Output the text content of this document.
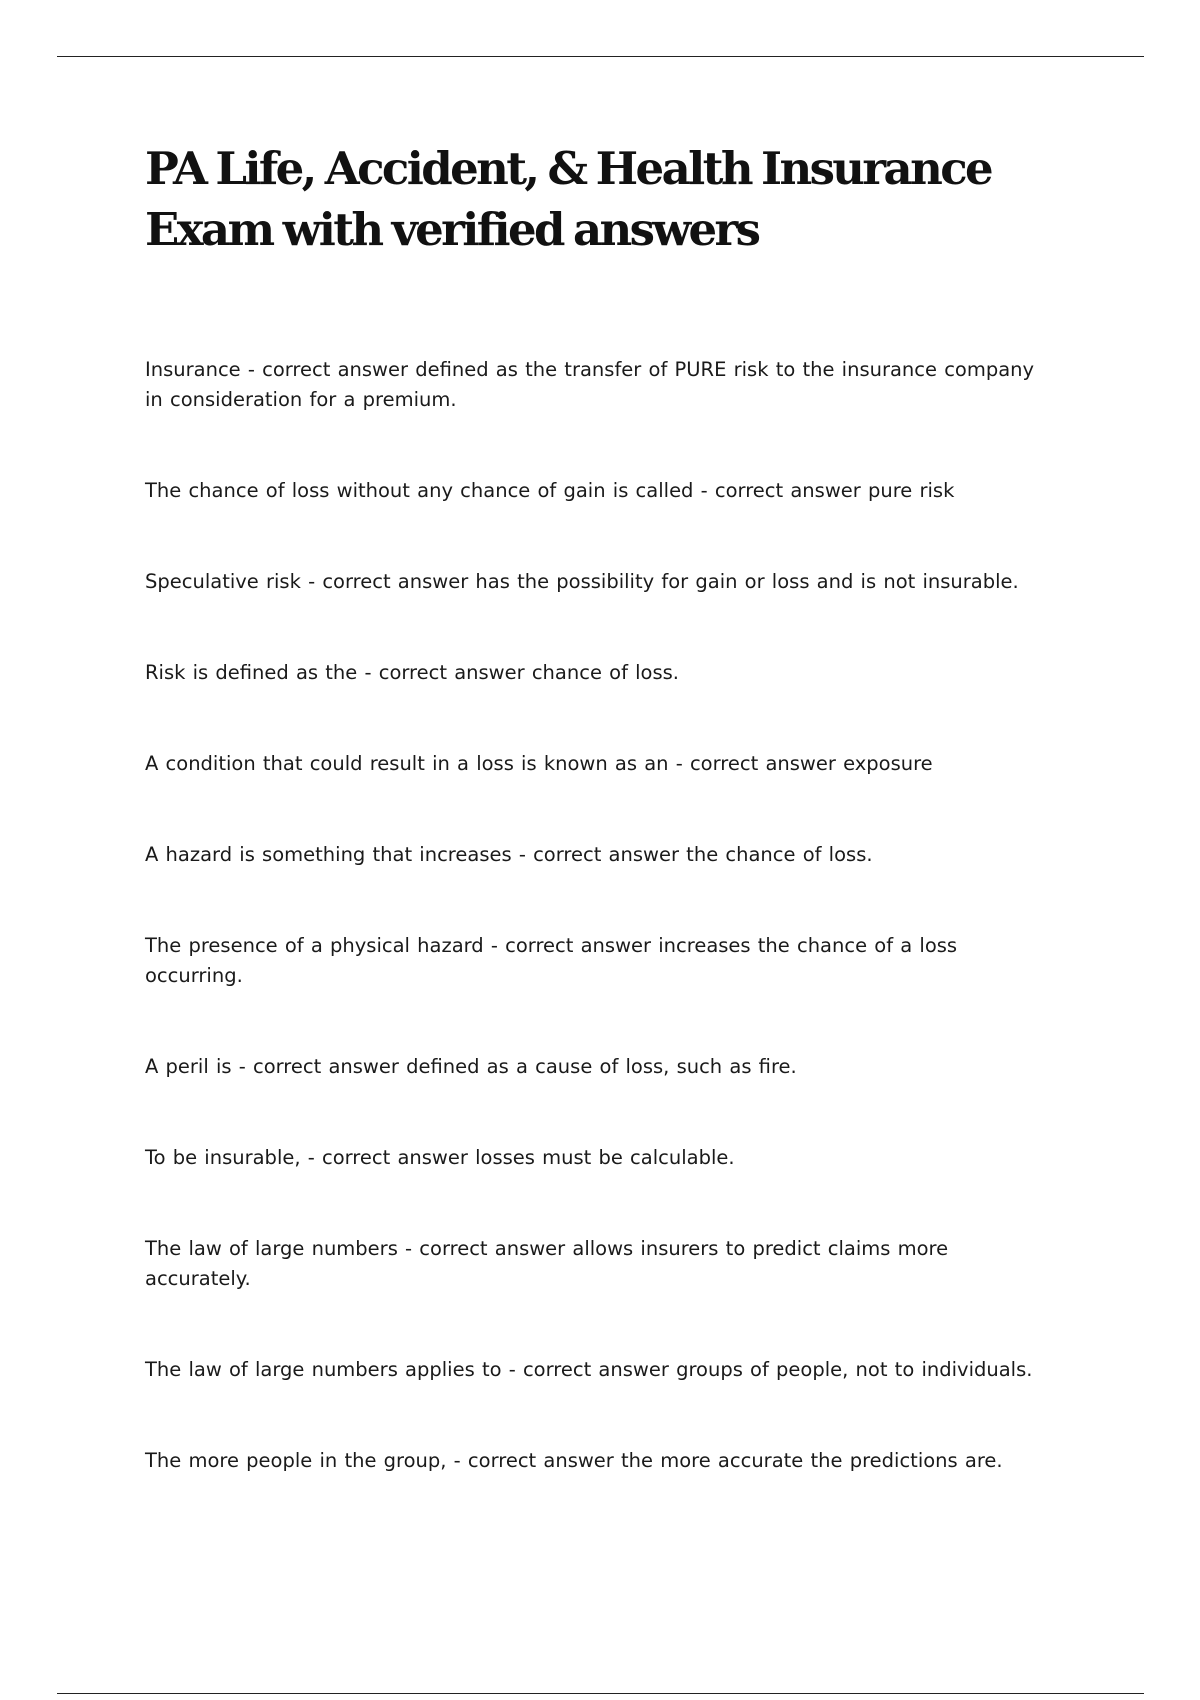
PA Life, Accident, & Health Insurance Exam with verified answers
Insurance - correct answer defined as the transfer of PURE risk to the insurance company in consideration for a premium.
The chance of loss without any chance of gain is called - correct answer pure risk
Speculative risk - correct answer has the possibility for gain or loss and is not insurable.
Risk is defined as the - correct answer chance of loss.
A condition that could result in a loss is known as an - correct answer exposure
A hazard is something that increases - correct answer the chance of loss.
The presence of a physical hazard - correct answer increases the chance of a loss occurring.
A peril is - correct answer defined as a cause of loss, such as fire.
To be insurable, - correct answer losses must be calculable.
The law of large numbers - correct answer allows insurers to predict claims more accurately.
The law of large numbers applies to - correct answer groups of people, not to individuals.
The more people in the group, - correct answer the more accurate the predictions are.
